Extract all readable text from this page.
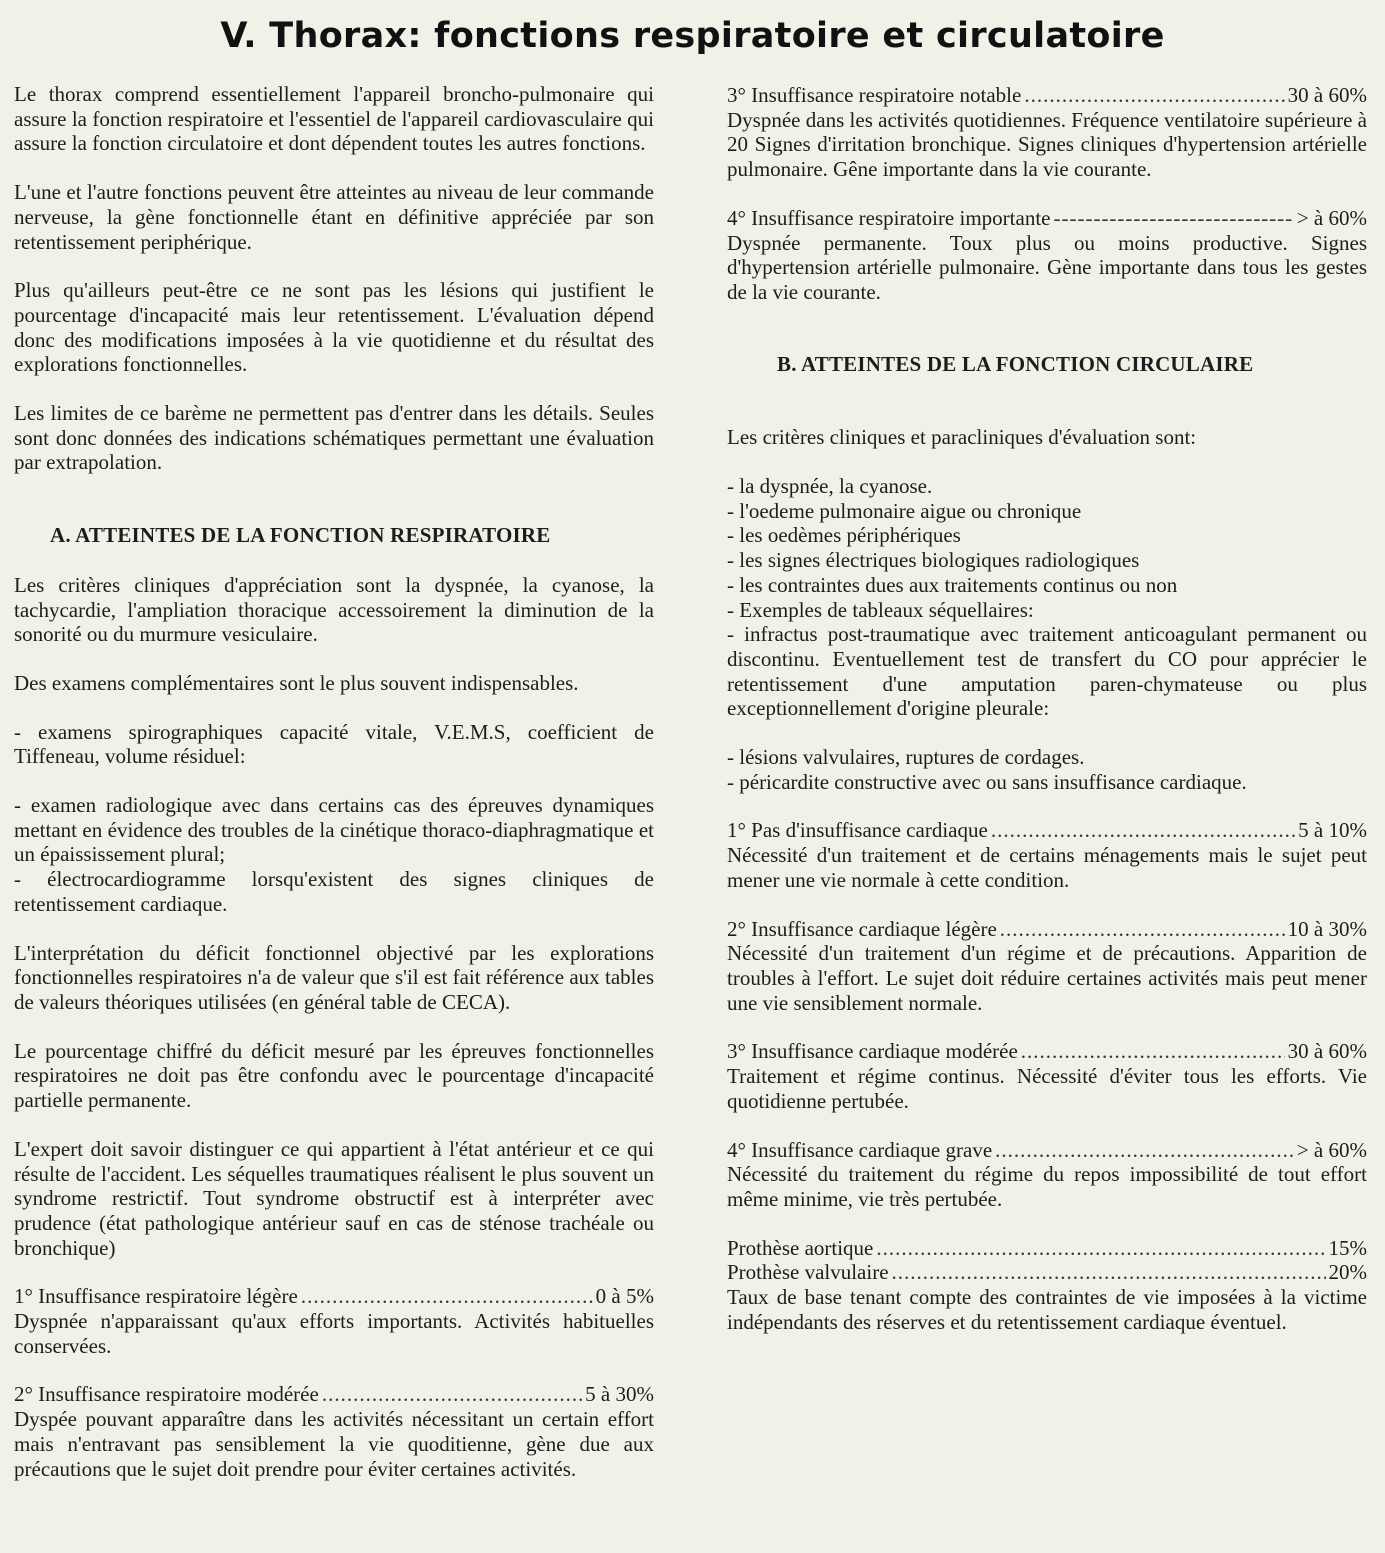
V. Thorax: fonctions respiratoire et circulatoire

Le thorax comprend essentiellement l'appareil broncho-pulmonaire qui assure la fonction respiratoire et l'essentiel de l'appareil cardiovasculaire qui assure la fonction circulatoire et dont dépendent toutes les autres fonctions.

L'une et l'autre fonctions peuvent être atteintes au niveau de leur commande nerveuse, la gène fonctionnelle étant en définitive appréciée par son retentissement periphérique.

Plus qu'ailleurs peut-être ce ne sont pas les lésions qui justifient le pourcentage d'incapacité mais leur retentissement. L'évaluation dépend donc des modifications imposées à la vie quotidienne et du résultat des explorations fonctionnelles.

Les limites de ce barème ne permettent pas d'entrer dans les détails. Seules sont donc données des indications schématiques permettant une évaluation par extrapolation.

A. ATTEINTES DE LA FONCTION RESPIRATOIRE

Les critères cliniques d'appréciation sont la dyspnée, la cyanose, la tachycardie, l'ampliation thoracique accessoirement la diminution de la sonorité ou du murmure vesiculaire.

Des examens complémentaires sont le plus souvent indispensables.

- examens spirographiques capacité vitale, V.E.M.S, coefficient de Tiffeneau, volume résiduel:

- examen radiologique avec dans certains cas des épreuves dynamiques mettant en évidence des troubles de la cinétique thoraco-diaphragmatique et un épaississement plural;

- électrocardiogramme lorsqu'existent des signes cliniques de retentissement cardiaque.

L'interprétation du déficit fonctionnel objectivé par les explorations fonctionnelles respiratoires n'a de valeur que s'il est fait référence aux tables de valeurs théoriques utilisées (en général table de CECA).

Le pourcentage chiffré du déficit mesuré par les épreuves fonctionnelles respiratoires ne doit pas être confondu avec le pourcentage d'incapacité partielle permanente.

L'expert doit savoir distinguer ce qui appartient à l'état antérieur et ce qui résulte de l'accident. Les séquelles traumatiques réalisent le plus souvent un syndrome restrictif. Tout syndrome obstructif est à interpréter avec prudence (état pathologique antérieur sauf en cas de sténose trachéale ou bronchique)

1° Insuffisance respiratoire légère .....	0 à 5%

Dyspnée n'apparaissant qu'aux efforts importants. Activités habituelles conservées.

2° Insuffisance respiratoire modérée .....	5 à 30%

Dyspée pouvant apparaître dans les activités nécessitant un certain effort mais n'entravant pas sensiblement la vie quoditienne, gène due aux précautions que le sujet doit prendre pour éviter certaines activités.

3° Insuffisance respiratoire notable .....	30 à 60%

Dyspnée dans les activités quotidiennes. Fréquence ventilatoire supérieure à 20 Signes d'irritation bronchique. Signes cliniques d'hypertension artérielle pulmonaire. Gêne importante dans la vie courante.

4° Insuffisance respiratoire importante -----	> à 60%

Dyspnée permanente. Toux plus ou moins productive. Signes d'hypertension artérielle pulmonaire. Gène importante dans tous les gestes de la vie courante.

B. ATTEINTES DE LA FONCTION CIRCULAIRE

Les critères cliniques et paracliniques d'évaluation sont:

- la dyspnée, la cyanose.

- l'oedeme pulmonaire aigue ou chronique

- les oedèmes périphériques

- les signes électriques biologiques radiologiques

- les contraintes dues aux traitements continus ou non

- Exemples de tableaux séquellaires:

- infractus post-traumatique avec traitement anticoagulant permanent ou discontinu. Eventuellement test de transfert du CO pour apprécier le retentissement d'une amputation paren-chymateuse ou plus exceptionnellement d'origine pleurale:

- lésions valvulaires, ruptures de cordages.

- péricardite constructive avec ou sans insuffisance cardiaque.

1° Pas d'insuffisance cardiaque .....	5 à 10%

Nécessité d'un traitement et de certains ménagements mais le sujet peut mener une vie normale à cette condition.

2° Insuffisance cardiaque légère .....	10 à 30%

Nécessité d'un traitement d'un régime et de précautions. Apparition de troubles à l'effort. Le sujet doit réduire certaines activités mais peut mener une vie sensiblement normale.

3° Insuffisance cardiaque modérée .....	30 à 60%

Traitement et régime continus. Nécessité d'éviter tous les efforts. Vie quotidienne pertubée.

4° Insuffisance cardiaque grave .....	> à 60%

Nécessité du traitement du régime du repos impossibilité de tout effort même minime, vie très pertubée.

Prothèse aortique .....	15%
Prothèse valvulaire .....	20%

Taux de base tenant compte des contraintes de vie imposées à la victime indépendants des réserves et du retentissement cardiaque éventuel.
